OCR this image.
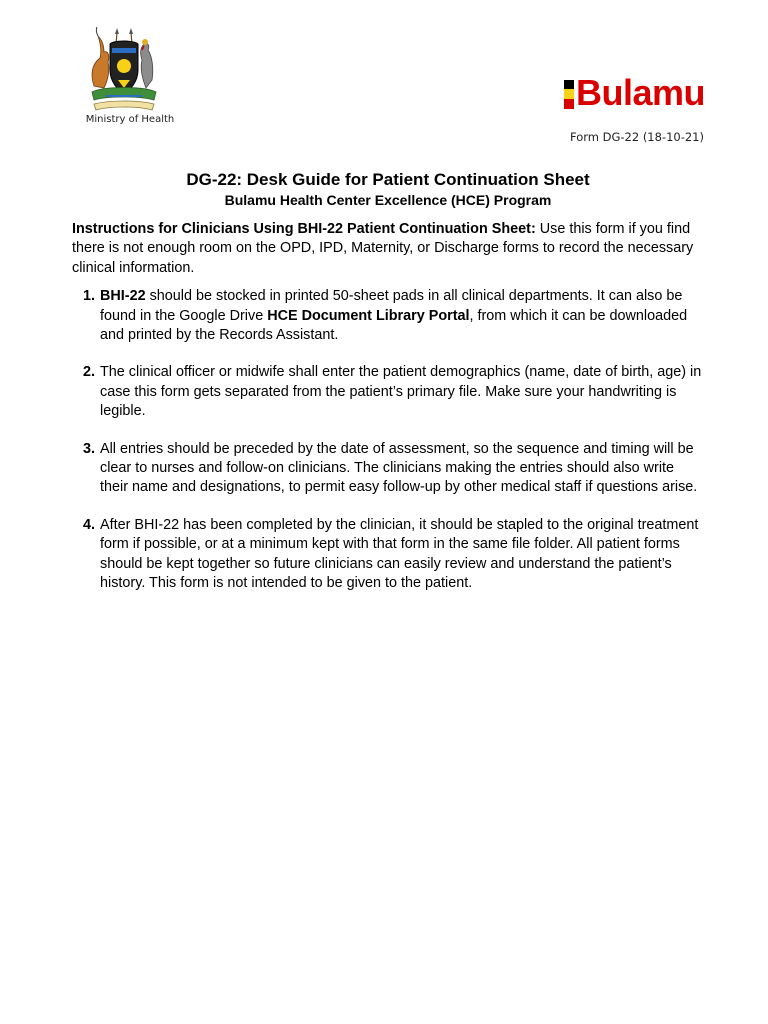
Ministry of Health
Bulamu
Form DG-22 (18-10-21)
DG-22: Desk Guide for Patient Continuation Sheet
Bulamu Health Center Excellence (HCE) Program

Instructions for Clinicians Using BHI-22 Patient Continuation Sheet: Use this form if you find there is not enough room on the OPD, IPD, Maternity, or Discharge forms to record the necessary clinical information.

1. BHI-22 should be stocked in printed 50-sheet pads in all clinical departments. It can also be found in the Google Drive HCE Document Library Portal, from which it can be downloaded and printed by the Records Assistant.
2. The clinical officer or midwife shall enter the patient demographics (name, date of birth, age) in case this form gets separated from the patient’s primary file. Make sure your handwriting is legible.
3. All entries should be preceded by the date of assessment, so the sequence and timing will be clear to nurses and follow-on clinicians. The clinicians making the entries should also write their name and designations, to permit easy follow-up by other medical staff if questions arise.
4. After BHI-22 has been completed by the clinician, it should be stapled to the original treatment form if possible, or at a minimum kept with that form in the same file folder. All patient forms should be kept together so future clinicians can easily review and understand the patient’s history. This form is not intended to be given to the patient.
